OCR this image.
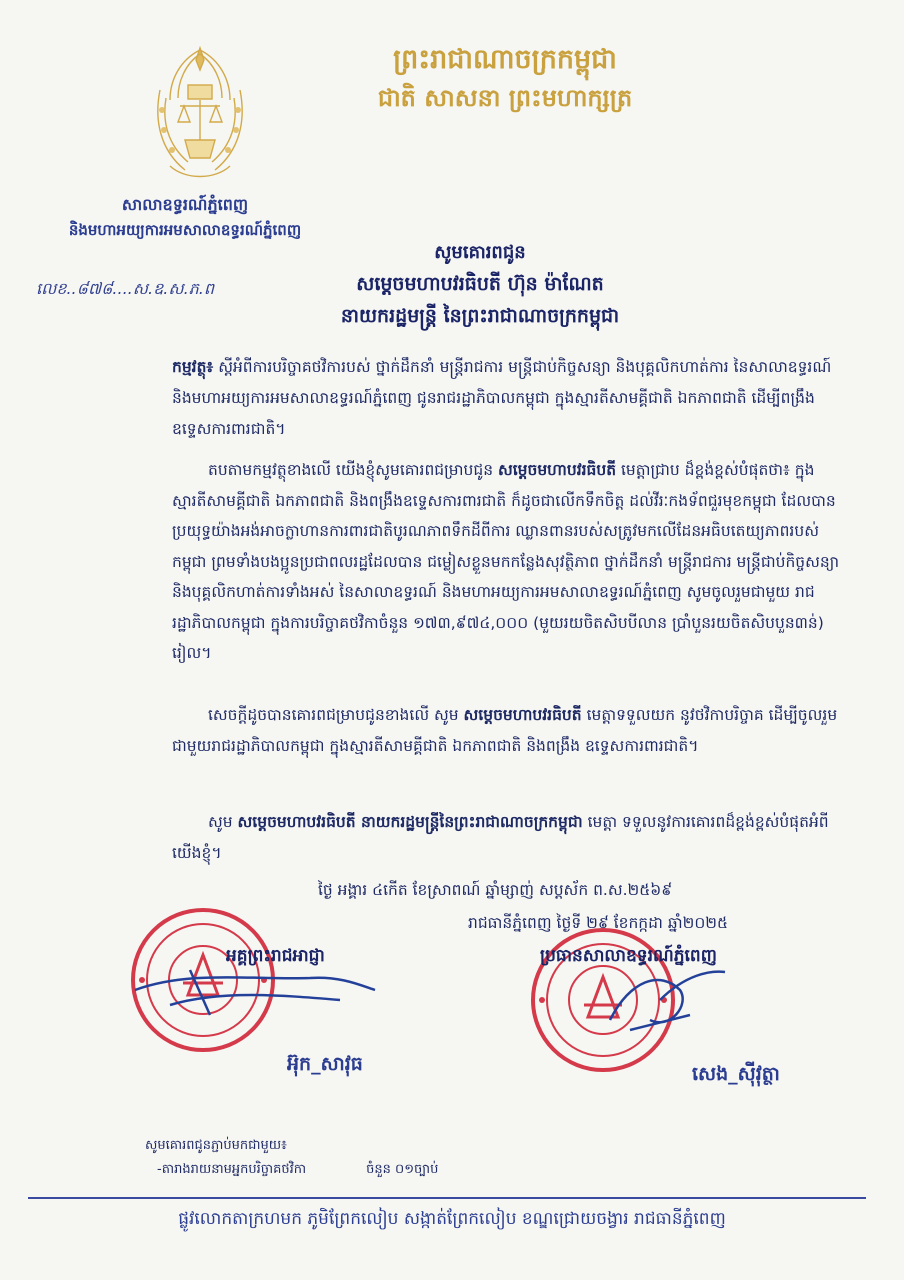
ព្រះរាជាណាចក្រកម្ពុជា
ជាតិ សាសនា ព្រះមហាក្សត្រ
សាលាឧទ្ធរណ៍ភ្នំពេញ
និងមហាអយ្យការអមសាលាឧទ្ធរណ៍ភ្នំពេញ
លេខ..៨៧៨....ស.ឧ.ស.ភ.ព
សូមគោរពជូន
សម្តេចមហាបវរធិបតី ហ៊ុន ម៉ាណែត
នាយករដ្ឋមន្ត្រី នៃព្រះរាជាណាចក្រកម្ពុជា
កម្មវត្ថុ៖ ស្តីអំពីការបរិច្ចាគថវិការបស់ ថ្នាក់ដឹកនាំ មន្ត្រីរាជការ មន្ត្រីជាប់កិច្ចសន្យា និងបុគ្គលិកហាត់ការ នៃសាលាឧទ្ធរណ៍ និងមហាអយ្យការអមសាលាឧទ្ធរណ៍ភ្នំពេញ ជូនរាជរដ្ឋាភិបាលកម្ពុជា ក្នុងស្មារតីសាមគ្គីជាតិ ឯកភាពជាតិ ដើម្បីពង្រឹងឧទ្ទេសការពារជាតិ។
តបតាមកម្មវត្ថុខាងលើ យើងខ្ញុំសូមគោរពជម្រាបជូន សម្តេចមហាបវរធិបតី មេត្តាជ្រាប ដ៏ខ្ពង់ខ្ពស់បំផុតថា៖ ក្នុងស្មារតីសាមគ្គីជាតិ ឯកភាពជាតិ និងពង្រឹងឧទ្ទេសការពារជាតិ ក៏ដូចជាលើកទឹកចិត្ត ដល់វីរៈកងទ័ពជួរមុខកម្ពុជា ដែលបានប្រយុទ្ធយ៉ាងអង់អាចក្លាហានការពារជាតិបូរណភាពទឹកដីពីការ ឈ្លានពានរបស់សត្រូវមកលើដែនអធិបតេយ្យភាពរបស់កម្ពុជា ព្រមទាំងបងប្អូនប្រជាពលរដ្ឋដែលបាន ជម្លៀសខ្លួនមកកន្លែងសុវត្ថិភាព ថ្នាក់ដឹកនាំ មន្ត្រីរាជការ មន្ត្រីជាប់កិច្ចសន្យា និងបុគ្គលិកហាត់ការទាំងអស់ នៃសាលាឧទ្ធរណ៍ និងមហាអយ្យការអមសាលាឧទ្ធរណ៍ភ្នំពេញ សូមចូលរួមជាមួយ រាជរដ្ឋាភិបាលកម្ពុជា ក្នុងការបរិច្ចាគថវិកាចំនួន ១៧៣,៩៧៤,០០០ (មួយរយចិតសិបបីលាន ប្រាំបួនរយចិតសិបបួន៣ន់) រៀល។
សេចក្តីដូចបានគោរពជម្រាបជូនខាងលើ សូម សម្តេចមហាបវរធិបតី មេត្តាទទួលយក នូវថវិកាបរិច្ចាគ ដើម្បីចូលរួមជាមួយរាជរដ្ឋាភិបាលកម្ពុជា ក្នុងស្មារតីសាមគ្គីជាតិ ឯកភាពជាតិ និងពង្រឹង ឧទ្ទេសការពារជាតិ។
សូម សម្តេចមហាបវរធិបតី នាយករដ្ឋមន្ត្រីនៃព្រះរាជាណាចក្រកម្ពុជា មេត្តា ទទួលនូវការគោរពដ៏ខ្ពង់ខ្ពស់បំផុតអំពីយើងខ្ញុំ។
ថ្ងៃ អង្គារ ៤កើត ខែស្រាពណ៍ ឆ្នាំម្សាញ់ សប្តស័ក ព.ស.២៥៦៩
រាជធានីភ្នំពេញ ថ្ងៃទី ២៩ ខែកក្កដា ឆ្នាំ២០២៥
អគ្គព្រះរាជអាជ្ញា	ប្រធានសាលាឧទ្ធរណ៍ភ្នំពេញ
អ៊ុក_សាវុធ	សេង_ស៊ីវុត្ថា
សូមគោរពជូនភ្ជាប់មកជាមួយ៖
-តារាងរាយនាមអ្នកបរិច្ចាគថវិកា	ចំនួន ០១ច្បាប់
ផ្លូវលោកតាក្រហមក ភូមិព្រែកលៀប សង្កាត់ព្រែកលៀប ខណ្ឌជ្រោយចង្វារ រាជធានីភ្នំពេញ
